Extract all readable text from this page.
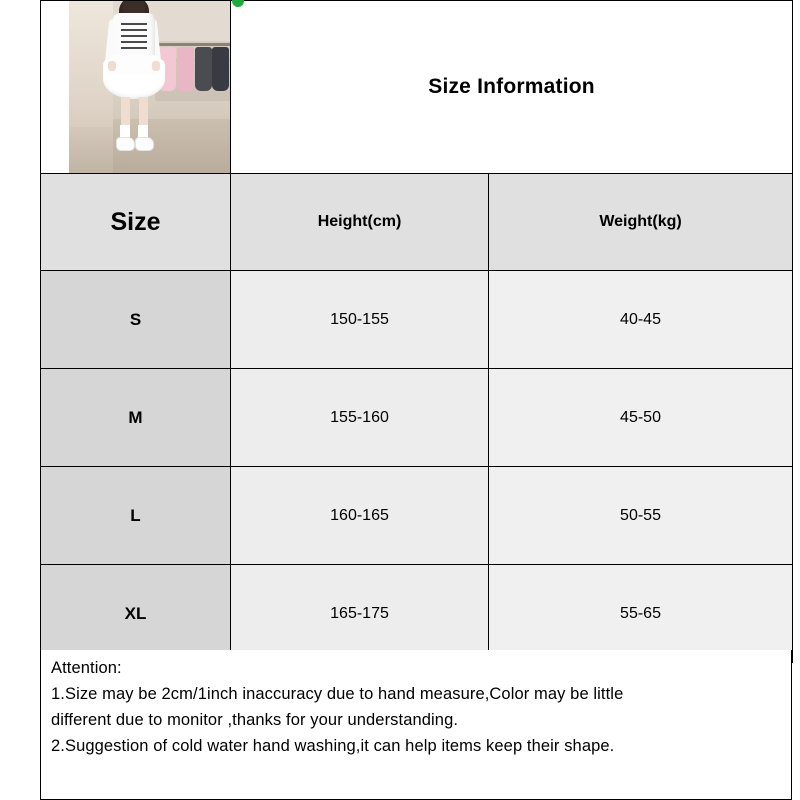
	Size Information	
Size	Height(cm)	Weight(kg)
S	150-155	40-45
M	155-160	45-50
L	160-165	50-55
XL	165-175	55-65

Attention:

1.Size may be 2cm/1inch inaccuracy due to hand measure,Color may be little

different due to monitor ,thanks for your understanding.

2.Suggestion of cold water hand washing,it can help items keep their shape.
